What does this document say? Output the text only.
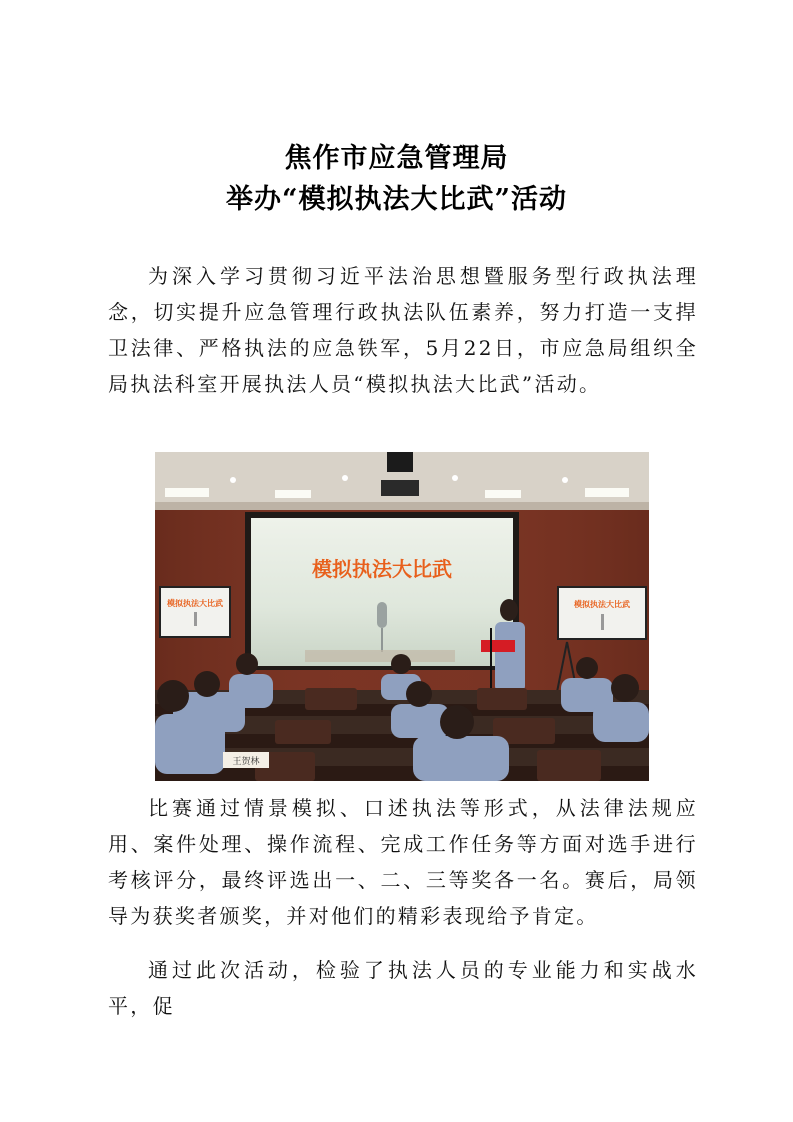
焦作市应急管理局
举办“模拟执法大比武”活动
为深入学习贯彻习近平法治思想暨服务型行政执法理念，切实提升应急管理行政执法队伍素养，努力打造一支捍卫法律、严格执法的应急铁军，5月22日，市应急局组织全局执法科室开展执法人员“模拟执法大比武”活动。
模拟执法大比武
模拟执法大比武	模拟执法大比武
王贺林
比赛通过情景模拟、口述执法等形式，从法律法规应用、案件处理、操作流程、完成工作任务等方面对选手进行考核评分，最终评选出一、二、三等奖各一名。赛后，局领导为获奖者颁奖，并对他们的精彩表现给予肯定。
通过此次活动，检验了执法人员的专业能力和实战水平，促
